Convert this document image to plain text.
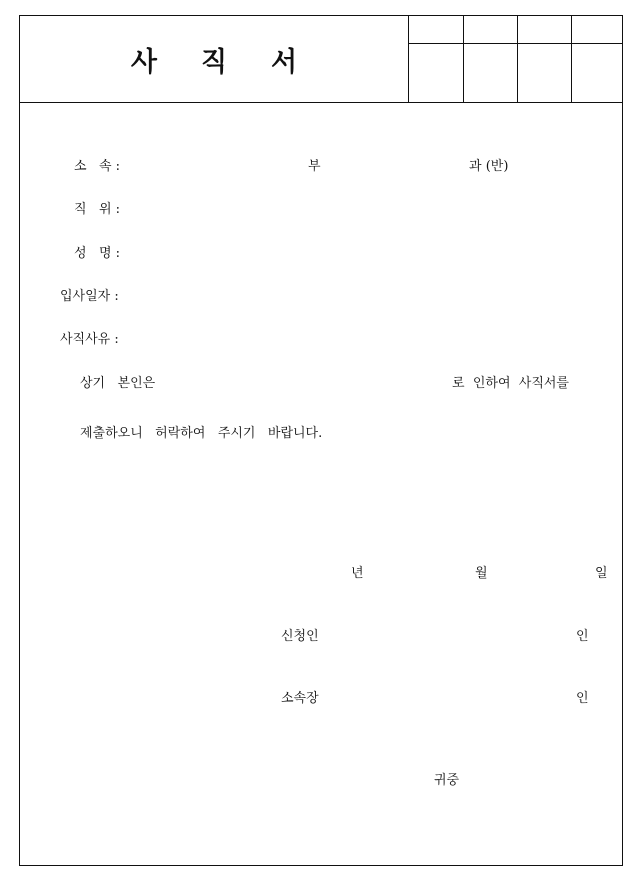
사 직 서
소   속 :	부	과 (반)
직   위 :
성   명 :
입사일자 :
사직사유 :
상기   본인은	로  인하여  사직서를
제출하오니   허락하여   주시기   바랍니다.
년	월	일
신청인	인
소속장	인
귀중
